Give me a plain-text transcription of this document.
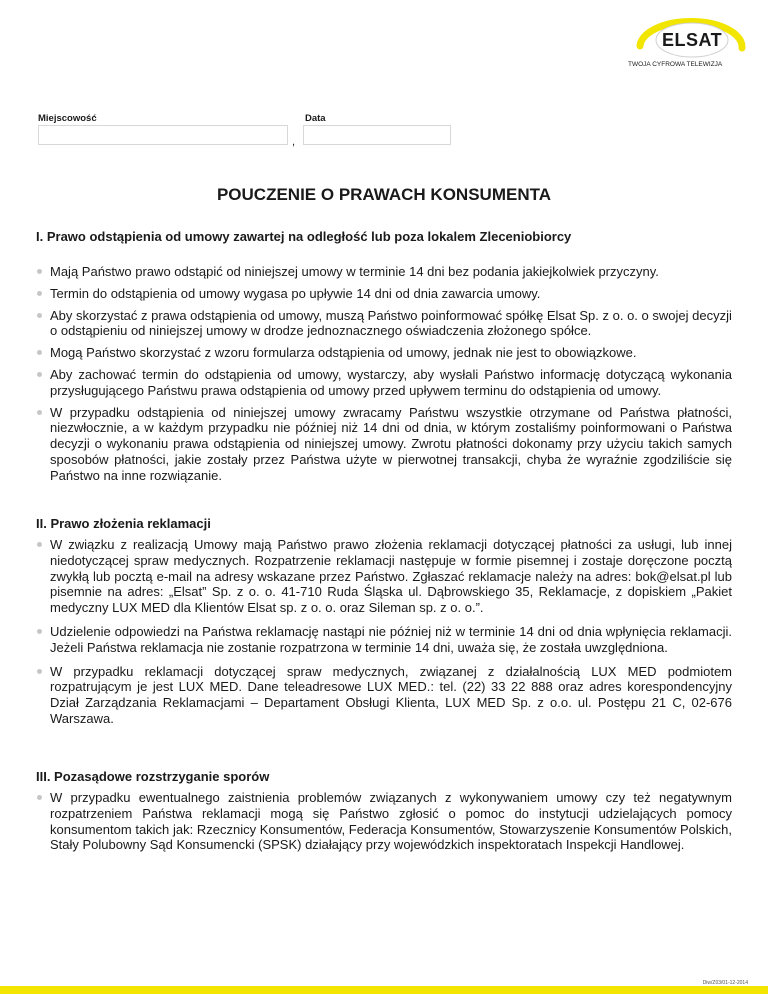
ELSAT
TWOJA CYFROWA TELEWIZJA
Miejscowość
,
Data
POUCZENIE O PRAWACH KONSUMENTA
I. Prawo odstąpienia od umowy zawartej na odległość lub poza lokalem Zleceniobiorcy
Mają Państwo prawo odstąpić od niniejszej umowy w terminie 14 dni bez podania jakiejkolwiek przyczyny.
Termin do odstąpienia od umowy wygasa po upływie 14 dni od dnia zawarcia umowy.
Aby skorzystać z prawa odstąpienia od umowy, muszą Państwo poinformować spółkę Elsat Sp. z o. o. o swojej decyzji o odstąpieniu od niniejszej umowy w drodze jednoznacznego oświadczenia złożonego spółce.
Mogą Państwo skorzystać z wzoru formularza odstąpienia od umowy, jednak nie jest to obowiązkowe.
Aby zachować termin do odstąpienia od umowy, wystarczy, aby wysłali Państwo informację dotyczącą wykonania przysługującego Państwu prawa odstąpienia od umowy przed upływem terminu do odstąpienia od umowy.
W przypadku odstąpienia od niniejszej umowy zwracamy Państwu wszystkie otrzymane od Państwa płatności, niezwłocznie, a w każdym przypadku nie później niż 14 dni od dnia, w którym zostaliśmy poinformowani o Państwa decyzji o wykonaniu prawa odstąpienia od niniejszej umowy. Zwrotu płatności dokonamy przy użyciu takich samych sposobów płatności, jakie zostały przez Państwa użyte w pierwotnej transakcji, chyba że wyraźnie zgodziliście się Państwo na inne rozwiązanie.
II. Prawo złożenia reklamacji
W związku z realizacją Umowy mają Państwo prawo złożenia reklamacji dotyczącej płatności za usługi, lub innej niedotyczącej spraw medycznych. Rozpatrzenie reklamacji następuje w formie pisemnej i zostaje doręczone pocztą zwykłą lub pocztą e-mail na adresy wskazane przez Państwo. Zgłaszać reklamacje należy na adres: bok@elsat.pl lub pisemnie na adres: „Elsat” Sp. z o. o. 41-710 Ruda Śląska ul. Dąbrowskiego 35, Reklamacje, z dopiskiem „Pakiet medyczny LUX MED dla Klientów Elsat sp. z o. o. oraz Sileman sp. z o. o.”.
Udzielenie odpowiedzi na Państwa reklamację nastąpi nie później niż w terminie 14 dni od dnia wpłynięcia reklamacji. Jeżeli Państwa reklamacja nie zostanie rozpatrzona w terminie 14 dni, uważa się, że została uwzględniona.
W przypadku reklamacji dotyczącej spraw medycznych, związanej z działalnością LUX MED podmiotem rozpatrującym je jest LUX MED. Dane teleadresowe LUX MED.: tel. (22) 33 22 888 oraz adres korespondencyjny Dział Zarządzania Reklamacjami – Departament Obsługi Klienta, LUX MED Sp. z o.o. ul. Postępu 21 C, 02-676 Warszawa.
III. Pozasądowe rozstrzyganie sporów
W przypadku ewentualnego zaistnienia problemów związanych z wykonywaniem umowy czy też negatywnym rozpatrzeniem Państwa reklamacji mogą się Państwo zgłosić o pomoc do instytucji udzielających pomocy konsumentom takich jak: Rzecznicy Konsumentów, Federacja Konsumentów, Stowarzyszenie Konsumentów Polskich, Stały Polubowny Sąd Konsumencki (SPSK) działający przy wojewódzkich inspektoratach Inspekcji Handlowej.
Diw/Z03/01-12-2014
